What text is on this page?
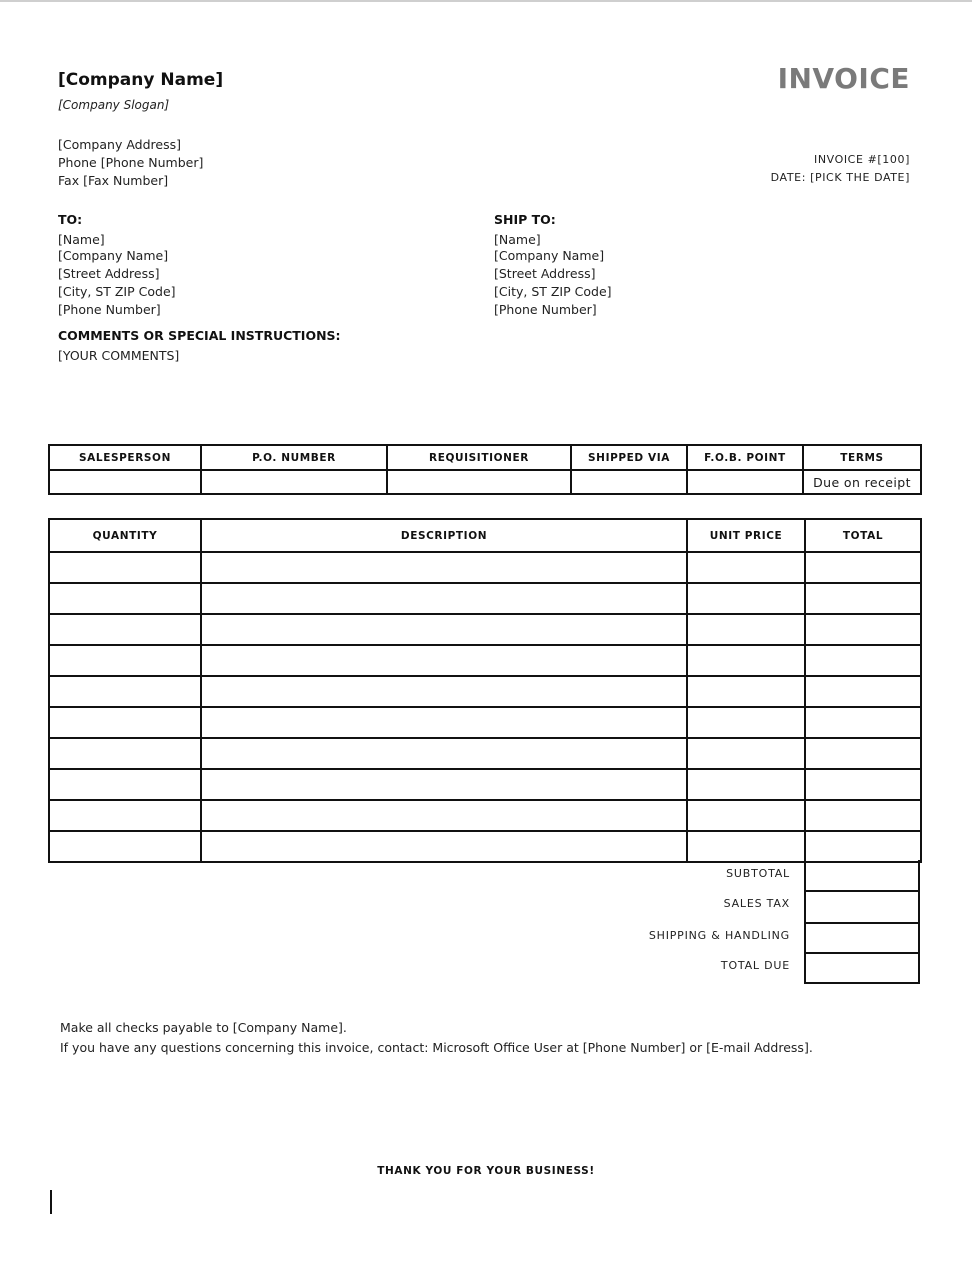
[Company Name]
[Company Slogan]
INVOICE
[Company Address]
Phone [Phone Number]
Fax [Fax Number]
INVOICE #[100]
DATE: [PICK THE DATE]
TO:
[Name]
[Company Name]
[Street Address]
[City, ST ZIP Code]
[Phone Number]
SHIP TO:
[Name]
[Company Name]
[Street Address]
[City, ST ZIP Code]
[Phone Number]
COMMENTS OR SPECIAL INSTRUCTIONS:
[YOUR COMMENTS]
SALESPERSON	P.O. NUMBER	REQUISITIONER	SHIPPED VIA	F.O.B. POINT	TERMS
					Due on receipt
QUANTITY	DESCRIPTION	UNIT PRICE	TOTAL

SUBTOTAL
SALES TAX
SHIPPING & HANDLING
TOTAL DUE
Make all checks payable to [Company Name].
If you have any questions concerning this invoice, contact: Microsoft Office User at [Phone Number] or [E-mail Address].
THANK YOU FOR YOUR BUSINESS!
